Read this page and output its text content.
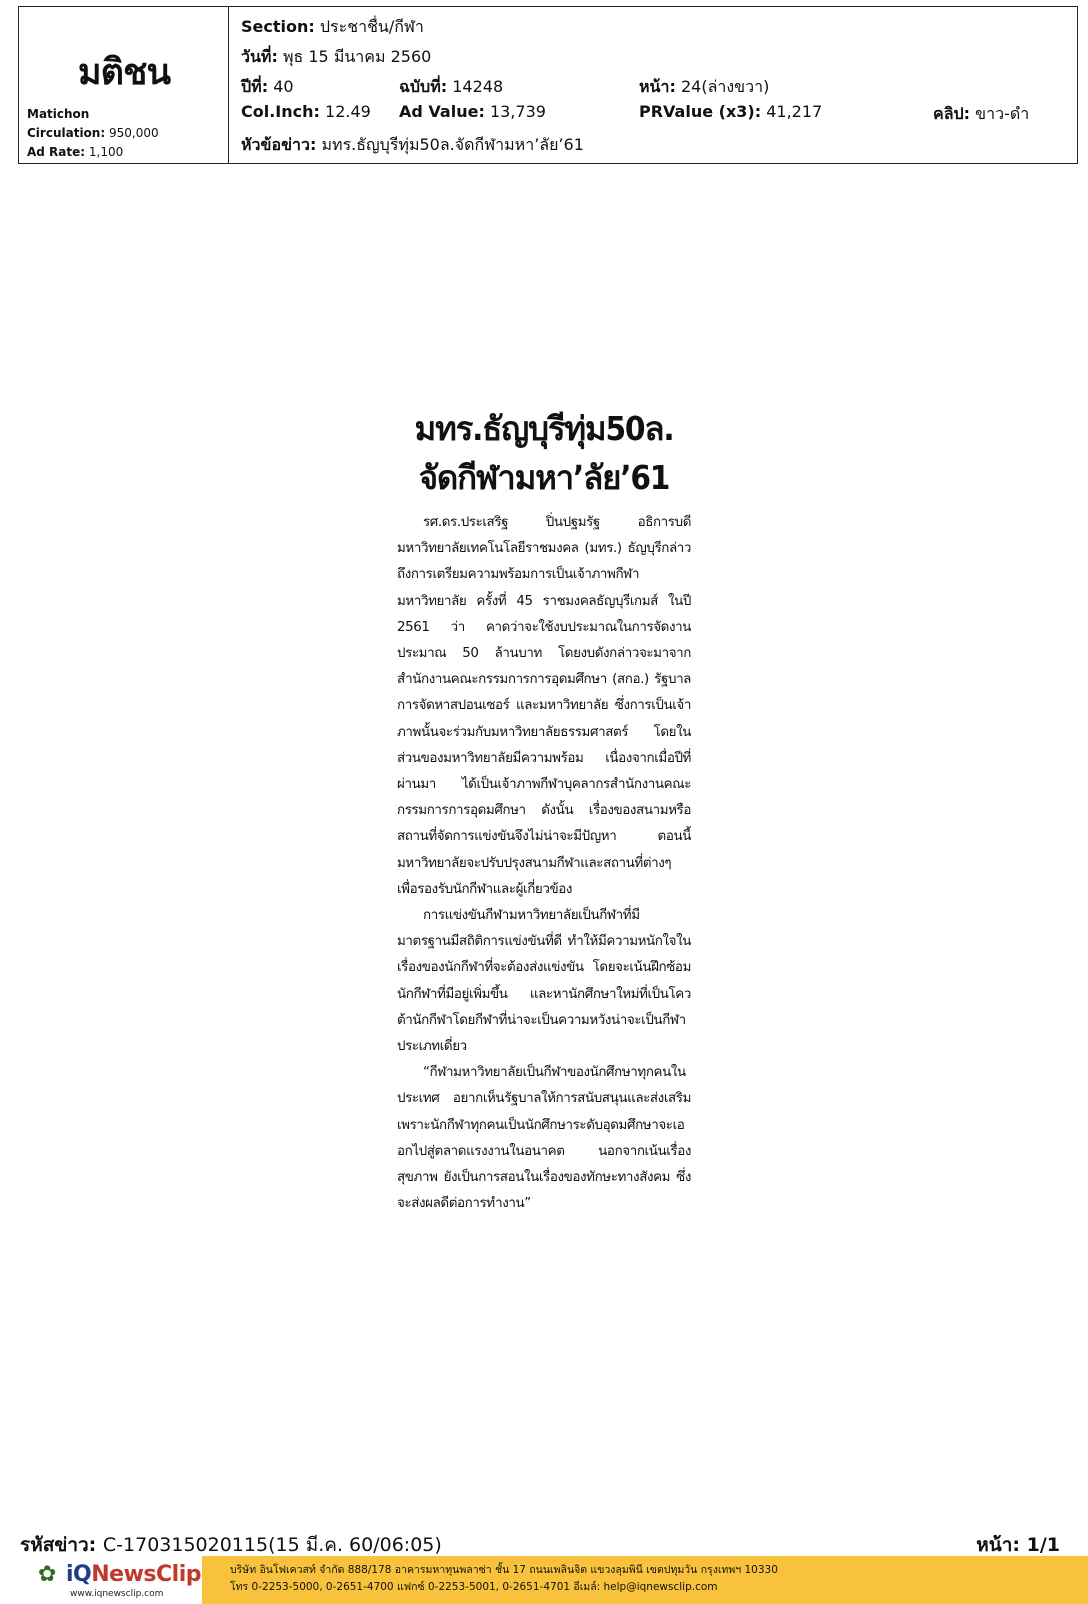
มติชน
Matichon
Circulation: 950,000
Ad Rate: 1,100
Section: ประชาชื่น/กีฬา
วันที่: พุธ 15 มีนาคม 2560
ปีที่: 40	ฉบับที่: 14248	หน้า: 24(ล่างขวา)
Col.Inch: 12.49 Ad Value: 13,739	PRValue (x3): 41,217	คลิป: ขาว-ดำ
หัวข้อข่าว: มทร.ธัญบุรีทุ่ม50ล.จัดกีฬามหา’ลัย’61
มทร.ธัญบุรีทุ่ม50ล.
จัดกีฬามหา’ลัย’61

รศ.ดร.ประเสริฐ ปิ่นปฐมรัฐ อธิการบดีมหาวิทยาลัยเทคโนโลยีราชมงคล (มทร.) ธัญบุรีกล่าวถึงการเตรียมความพร้อมการเป็นเจ้าภาพกีฬามหาวิทยาลัย ครั้งที่ 45 ราชมงคลธัญบุรีเกมส์ ในปี 2561 ว่า คาดว่าจะใช้งบประมาณในการจัดงานประมาณ 50 ล้านบาท โดยงบดังกล่าวจะมาจากสำนักงานคณะกรรมการการอุดมศึกษา (สกอ.) รัฐบาล การจัดหาสปอนเซอร์ และมหาวิทยาลัย ซึ่งการเป็นเจ้าภาพนั้นจะร่วมกับมหาวิทยาลัยธรรมศาสตร์ โดยในส่วนของมหาวิทยาลัยมีความพร้อม เนื่องจากเมื่อปีที่ผ่านมา ได้เป็นเจ้าภาพกีฬาบุคลากรสำนักงานคณะกรรมการการอุดมศึกษา ดังนั้น เรื่องของสนามหรือสถานที่จัดการแข่งขันจึงไม่น่าจะมีปัญหา ตอนนี้มหาวิทยาลัยจะปรับปรุงสนามกีฬาและสถานที่ต่างๆ เพื่อรองรับนักกีฬาและผู้เกี่ยวข้อง

การแข่งขันกีฬามหาวิทยาลัยเป็นกีฬาที่มีมาตรฐานมีสถิติการแข่งขันที่ดี ทำให้มีความหนักใจในเรื่องของนักกีฬาที่จะต้องส่งแข่งขัน โดยจะเน้นฝึกซ้อมนักกีฬาที่มีอยู่เพิ่มขึ้น และหานักศึกษาใหม่ที่เป็นโควต้านักกีฬาโดยกีฬาที่น่าจะเป็นความหวังน่าจะเป็นกีฬาประเภทเดี่ยว

“กีฬามหาวิทยาลัยเป็นกีฬาของนักศึกษาทุกคนในประเทศ อยากเห็นรัฐบาลให้การสนับสนุนและส่งเสริม เพราะนักกีฬาทุกคนเป็นนักศึกษาระดับอุดมศึกษาจะเออกไปสู่ตลาดแรงงานในอนาคต นอกจากเน้นเรื่องสุขภาพ ยังเป็นการสอนในเรื่องของทักษะทางสังคม ซึ่งจะส่งผลดีต่อการทำงาน”

รหัสข่าว: C-170315020115(15 มี.ค. 60/06:05)	หน้า: 1/1
✿ iQNewsClip
www.iqnewsclip.com
บริษัท อินโฟเควสท์ จำกัด 888/178 อาคารมหาทุนพลาซ่า ชั้น 17 ถนนเพลินจิต แขวงลุมพินี เขตปทุมวัน กรุงเทพฯ 10330
โทร 0-2253-5000, 0-2651-4700 แฟกซ์ 0-2253-5001, 0-2651-4701 อีเมล์: help@iqnewsclip.com
